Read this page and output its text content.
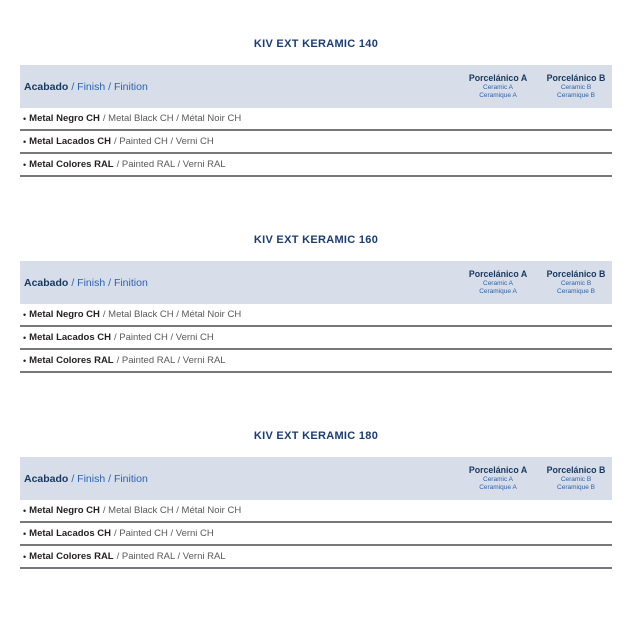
KIV EXT KERAMIC 140
Acabado / Finish / Finition
Porcelánico A
Ceramic A
Ceramique A
Porcelánico B
Ceramic B
Ceramique B
• Metal Negro CH / Metal Black CH / Métal Noir CH
• Metal Lacados CH / Painted CH / Verni CH
• Metal Colores RAL / Painted RAL / Verni RAL
KIV EXT KERAMIC 160
Acabado / Finish / Finition
Porcelánico A
Ceramic A
Ceramique A
Porcelánico B
Ceramic B
Ceramique B
• Metal Negro CH / Metal Black CH / Métal Noir CH
• Metal Lacados CH / Painted CH / Verni CH
• Metal Colores RAL / Painted RAL / Verni RAL
KIV EXT KERAMIC 180
Acabado / Finish / Finition
Porcelánico A
Ceramic A
Ceramique A
Porcelánico B
Ceramic B
Ceramique B
• Metal Negro CH / Metal Black CH / Métal Noir CH
• Metal Lacados CH / Painted CH / Verni CH
• Metal Colores RAL / Painted RAL / Verni RAL
